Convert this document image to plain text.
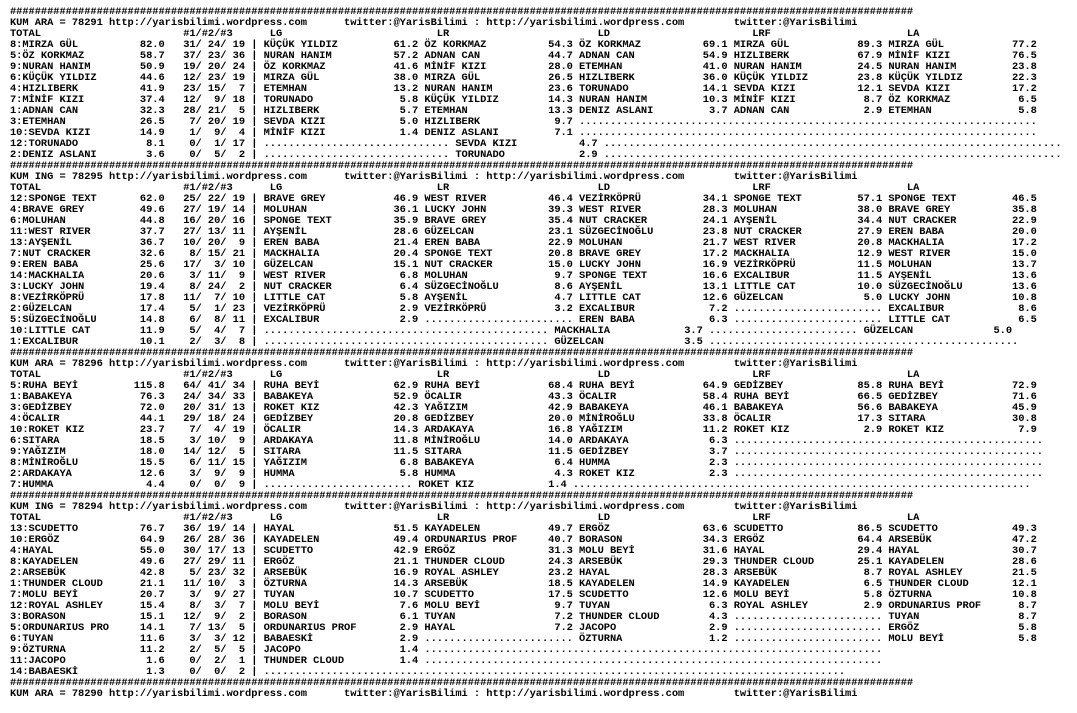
##################################################################################################################################################
KUM ARA = 78291 http://yarisbilimi.wordpress.com      twitter:@YarisBilimi : http://yarisbilimi.wordpress.com        twitter:@YarisBilimi
TOTAL                       #1/#2/#3      LG                         LR                        LD                       LRF                      LA
8:MIRZA GÜL          82.0   31/ 24/ 19 | KÜÇÜK YILDIZ         61.2 ÖZ KORKMAZ          54.3 ÖZ KORKMAZ          69.1 MIRZA GÜL           89.3 MIRZA GÜL           77.2
5:ÖZ KORKMAZ         58.7   37/ 23/ 36 | NURAN HANIM          57.2 ADNAN CAN           44.7 ADNAN CAN           54.9 HIZLIBERK           67.9 MİNİF KIZI          76.5
9:NURAN HANIM        50.9   19/ 20/ 24 | ÖZ KORKMAZ           41.6 MİNİF KIZI          28.0 ETEMHAN             41.0 NURAN HANIM         24.5 NURAN HANIM         23.8
6:KÜÇÜK YILDIZ       44.6   12/ 23/ 19 | MIRZA GÜL            38.0 MIRZA GÜL           26.5 HIZLIBERK           36.0 KÜÇÜK YILDIZ        23.8 KÜÇÜK YILDIZ        22.3
4:HIZLIBERK          41.9   23/ 15/  7 | ETEMHAN              13.2 NURAN HANIM         23.6 TORUNADO            14.1 SEVDA KIZI          12.1 SEVDA KIZI          17.2
7:MİNİF KIZI         37.4   12/  9/ 18 | TORUNADO              5.8 KÜÇÜK YILDIZ        14.3 NURAN HANIM         10.3 MİNİF KIZI           8.7 ÖZ KORKMAZ           6.5
1:ADNAN CAN          32.3   28/ 21/  5 | HIZLIBERK             5.7 ETEMHAN             13.3 DENIZ ASLANI         3.7 ADNAN CAN            2.9 ETEMHAN              5.8
3:ETEMHAN            26.5    7/ 20/ 19 | SEVDA KIZI            5.0 HIZLIBERK            9.7 ..........................................................................
10:SEVDA KIZI        14.9    1/  9/  4 | MİNİF KIZI            1.4 DENIZ ASLANI         7.1 ..........................................................................
12:TORUNADO           8.1    0/  1/ 17 | .............................. SEVDA KIZI          4.7 ..........................................................................
2:DENIZ ASLANI        3.6    0/  5/  2 | .............................. TORUNADO            2.9 ..........................................................................
##################################################################################################################################################
KUM ING = 78295 http://yarisbilimi.wordpress.com      twitter:@YarisBilimi : http://yarisbilimi.wordpress.com        twitter:@YarisBilimi
TOTAL                       #1/#2/#3      LG                         LR                        LD                       LRF                      LA
12:SPONGE TEXT       62.0   25/ 22/ 19 | BRAVE GREY           46.9 WEST RIVER          46.4 VEZİRKÖPRÜ          34.1 SPONGE TEXT         57.1 SPONGE TEXT         46.5
4:BRAVE GREY         49.6   27/ 19/ 14 | MOLUHAN              36.1 LUCKY JOHN          39.3 WEST RIVER          28.3 MOLUHAN             38.0 BRAVE GREY          35.8
6:MOLUHAN            44.8   16/ 20/ 16 | SPONGE TEXT          35.9 BRAVE GREY          35.4 NUT CRACKER         24.1 AYŞENİL             34.4 NUT CRACKER         22.9
11:WEST RIVER        37.7   27/ 13/ 11 | AYŞENİL              28.6 GÜZELCAN            23.1 SÜZGECİNOĞLU        23.8 NUT CRACKER         27.9 EREN BABA           20.0
13:AYŞENİL           36.7   10/ 20/  9 | EREN BABA            21.4 EREN BABA           22.9 MOLUHAN             21.7 WEST RIVER          20.8 MACKHALIA           17.2
7:NUT CRACKER        32.6    8/ 15/ 21 | MACKHALIA            20.4 SPONGE TEXT         20.8 BRAVE GREY          17.2 MACKHALIA           12.9 WEST RIVER          15.0
9:EREN BABA          25.6   17/  3/ 10 | GÜZELCAN             15.1 NUT CRACKER         15.0 LUCKY JOHN          16.9 VEZİRKÖPRÜ          11.5 MOLUHAN             13.7
14:MACKHALIA         20.6    3/ 11/  9 | WEST RIVER            6.8 MOLUHAN              9.7 SPONGE TEXT         16.6 EXCALIBUR           11.5 AYŞENİL             13.6
3:LUCKY JOHN         19.4    8/ 24/  2 | NUT CRACKER           6.4 SÜZGECİNOĞLU         8.6 AYŞENİL             13.1 LITTLE CAT          10.0 SÜZGECİNOĞLU        13.6
8:VEZİRKÖPRÜ         17.8   11/  7/ 10 | LITTLE CAT            5.8 AYŞENİL              4.7 LITTLE CAT          12.6 GÜZELCAN             5.0 LUCKY JOHN          10.8
2:GÜZELCAN           17.4    5/  1/ 23 | VEZİRKÖPRÜ            2.9 VEZİRKÖPRÜ           3.2 EXCALIBUR            7.2 ........................ EXCALIBUR            8.6
5:SÜZGECİNOĞLU       14.8    6/  8/ 11 | EXCALIBUR             2.9 ........................ EREN BABA            6.3 ........................ LITTLE CAT           6.5
10:LITTLE CAT        11.9    5/  4/  7 | .............................................. MACKHALIA            3.7 ........................ GÜZELCAN             5.0
1:EXCALIBUR          10.1    2/  3/  8 | .............................................. GÜZELCAN             3.5 ..................................................
##################################################################################################################################################
KUM ARA = 78296 http://yarisbilimi.wordpress.com      twitter:@YarisBilimi : http://yarisbilimi.wordpress.com        twitter:@YarisBilimi
TOTAL                       #1/#2/#3      LG                         LR                        LD                       LRF                      LA
5:RUHA BEYİ         115.8   64/ 41/ 34 | RUHA BEYİ            62.9 RUHA BEYİ           68.4 RUHA BEYİ           64.9 GEDİZBEY            85.8 RUHA BEYİ           72.9
1:BABAKEYA           76.3   24/ 34/ 33 | BABAKEYA             52.9 ÖCALIR              43.3 ÖCALIR              58.4 RUHA BEYİ           66.5 GEDİZBEY            71.6
3:GEDİZBEY           72.0   20/ 31/ 13 | ROKET KIZ            42.3 YAĞIZIM             42.9 BABAKEYA            46.1 BABAKEYA            56.6 BABAKEYA            45.9
4:ÖCALIR             44.1   29/ 18/ 24 | GEDİZBEY             20.8 GEDİZBEY            20.0 MİNİROĞLU           33.8 ÖCALIR              17.3 SITARA              30.8
10:ROKET KIZ         23.7    7/  4/ 19 | ÖCALIR               14.3 ARDAKAYA            16.8 YAĞIZIM             11.2 ROKET KIZ            2.9 ROKET KIZ            7.9
6:SITARA             18.5    3/ 10/  9 | ARDAKAYA             11.8 MİNİROĞLU           14.0 ARDAKAYA             6.3 ..................................................
9:YAĞIZIM            18.0   14/ 12/  5 | SITARA               11.5 SITARA              11.5 GEDİZBEY             3.7 ..................................................
8:MİNİROĞLU          15.5    6/ 11/ 15 | YAĞIZIM               6.8 BABAKEYA             6.4 HUMMA                2.3 ..................................................
2:ARDAKAYA           12.6    3/  9/  9 | HUMMA                 5.8 HUMMA                4.3 ROKET KIZ            2.3 ..................................................
7:HUMMA               4.4    0/  0/  9 | ........................ ROKET KIZ            1.4 ..........................................................................
##################################################################################################################################################
KUM ING = 78294 http://yarisbilimi.wordpress.com      twitter:@YarisBilimi : http://yarisbilimi.wordpress.com        twitter:@YarisBilimi
TOTAL                       #1/#2/#3      LG                         LR                        LD                       LRF                      LA
13:SCUDETTO          76.7   36/ 19/ 14 | HAYAL                51.5 KAYADELEN           49.7 ERGÖZ               63.6 SCUDETTO            86.5 SCUDETTO            49.3
10:ERGÖZ             64.9   26/ 28/ 36 | KAYADELEN            49.4 ORDUNARIUS PROF     40.7 BORASON             34.3 ERGÖZ               64.4 ARSEBÜK             47.2
4:HAYAL              55.0   30/ 17/ 13 | SCUDETTO             42.9 ERGÖZ               31.3 MOLU BEYİ           31.6 HAYAL               29.4 HAYAL               30.7
8:KAYADELEN          49.6   27/ 29/ 11 | ERGÖZ                21.1 THUNDER CLOUD       24.3 ARSEBÜK             29.3 THUNDER CLOUD       25.1 KAYADELEN           28.6
2:ARSEBÜK            42.8    5/ 23/ 32 | ARSEBÜK              16.9 ROYAL ASHLEY        23.2 HAYAL               28.3 ARSEBÜK              8.7 ROYAL ASHLEY        21.5
1:THUNDER CLOUD      21.1   11/ 10/  3 | ÖZTURNA              14.3 ARSEBÜK             18.5 KAYADELEN           14.9 KAYADELEN            6.5 THUNDER CLOUD       12.1
7:MOLU BEYİ          20.7    3/  9/ 27 | TUYAN                10.7 SCUDETTO            17.5 SCUDETTO            12.6 MOLU BEYİ            5.8 ÖZTURNA             10.8
12:ROYAL ASHLEY      15.4    8/  3/  7 | MOLU BEYİ             7.6 MOLU BEYİ            9.7 TUYAN                6.3 ROYAL ASHLEY         2.9 ORDUNARIUS PROF      8.7
3:BORASON            15.1   12/  9/  2 | BORASON               6.1 TUYAN                7.2 THUNDER CLOUD        4.3 ........................ TUYAN                8.7
5:ORDUNARIUS PRO     14.1    7/ 13/  5 | ORDUNARIUS PROF       2.9 HAYAL                7.2 JACOPO               2.9 ........................ ERGÖZ                5.8
6:TUYAN              11.6    3/  3/ 12 | BABAESKİ              2.9 ........................ ÖZTURNA              1.2 ........................ MOLU BEYİ            5.8
9:ÖZTURNA            11.2    2/  5/  5 | JACOPO                1.4 ..........................................................................
11:JACOPO             1.6    0/  2/  1 | THUNDER CLOUD         1.4 ..........................................................................
14:BABAESKİ           1.3    0/  0/  2 | ..............................................................................................
##################################################################################################################################################
KUM ARA = 78290 http://yarisbilimi.wordpress.com      twitter:@YarisBilimi : http://yarisbilimi.wordpress.com        twitter:@YarisBilimi
